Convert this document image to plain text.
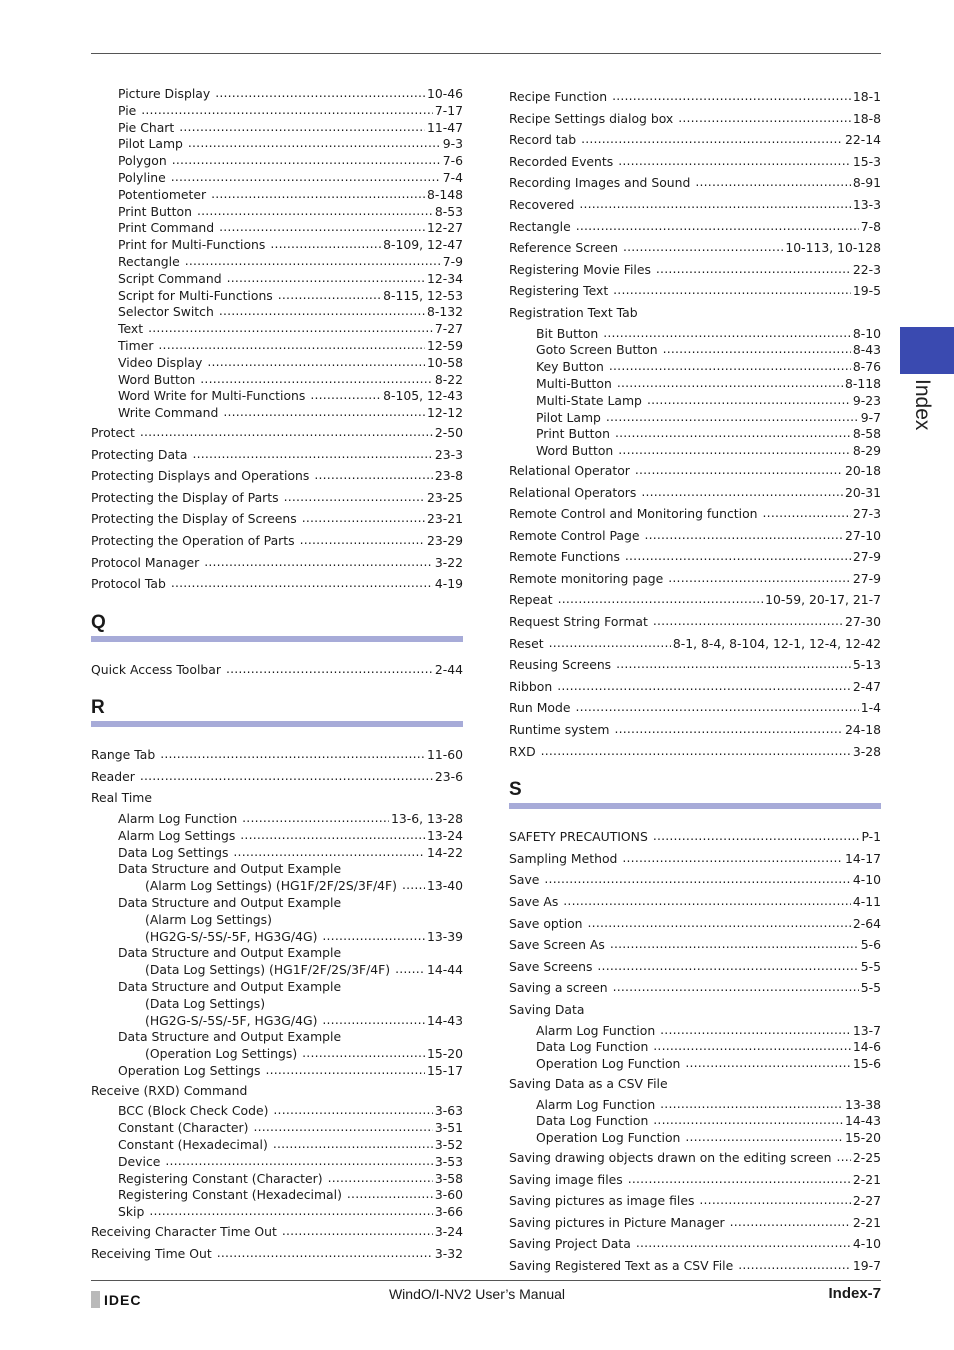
Picture Display .....	10-46
Pie .....	7-17
Pie Chart .....	11-47
Pilot Lamp .....	9-3
Polygon .....	7-6
Polyline .....	7-4
Potentiometer .....	8-148
Print Button .....	8-53
Print Command .....	12-27
Print for Multi-Functions .....	8-109, 12-47
Rectangle .....	7-9
Script Command .....	12-34
Script for Multi-Functions .....	8-115, 12-53
Selector Switch .....	8-132
Text .....	7-27
Timer .....	12-59
Video Display .....	10-58
Word Button .....	8-22
Word Write for Multi-Functions .....	8-105, 12-43
Write Command .....	12-12
Protect .....	2-50
Protecting Data .....	23-3
Protecting Displays and Operations .....	23-8
Protecting the Display of Parts .....	23-25
Protecting the Display of Screens .....	23-21
Protecting the Operation of Parts .....	23-29
Protocol Manager .....	3-22
Protocol Tab .....	4-19
Q
Quick Access Toolbar .....	2-44
R
Range Tab .....	11-60
Reader .....	23-6
Real Time
Alarm Log Function .....	13-6, 13-28
Alarm Log Settings .....	13-24
Data Log Settings .....	14-22
Data Structure and Output Example
(Alarm Log Settings) (HG1F/2F/2S/3F/4F) ..... 13-40
Data Structure and Output Example
(Alarm Log Settings)
(HG2G-S/-5S/-5F, HG3G/4G) .....	13-39
Data Structure and Output Example
(Data Log Settings) (HG1F/2F/2S/3F/4F) .....	14-44
Data Structure and Output Example
(Data Log Settings)
(HG2G-S/-5S/-5F, HG3G/4G) .....	14-43
Data Structure and Output Example
(Operation Log Settings) .....	15-20
Operation Log Settings .....	15-17
Receive (RXD) Command
BCC (Block Check Code) .....	3-63
Constant (Character) .....	3-51
Constant (Hexadecimal) .....	3-52
Device .....	3-53
Registering Constant (Character) .....	3-58
Registering Constant (Hexadecimal) .....	3-60
Skip .....	3-66
Receiving Character Time Out .....	3-24
Receiving Time Out .....	3-32
Recipe Function .....	18-1
Recipe Settings dialog box .....	18-8
Record tab .....	22-14
Recorded Events .....	15-3
Recording Images and Sound .....	8-91
Recovered .....	13-3
Rectangle .....	7-8
Reference Screen .....	10-113, 10-128
Registering Movie Files .....	22-3
Registering Text .....	19-5
Registration Text Tab
Bit Button .....	8-10
Goto Screen Button .....	8-43
Key Button .....	8-76
Multi-Button .....	8-118
Multi-State Lamp .....	9-23
Pilot Lamp .....	9-7
Print Button .....	8-58
Word Button .....	8-29
Relational Operator .....	20-18
Relational Operators .....	20-31
Remote Control and Monitoring function .....	27-3
Remote Control Page .....	27-10
Remote Functions .....	27-9
Remote monitoring page .....	27-9
Repeat .....	10-59, 20-17, 21-7
Request String Format .....	27-30
Reset .....	8-1, 8-4, 8-104, 12-1, 12-4, 12-42
Reusing Screens .....	5-13
Ribbon .....	2-47
Run Mode .....	1-4
Runtime system .....	24-18
RXD .....	3-28
S
SAFETY PRECAUTIONS .....	P-1
Sampling Method .....	14-17
Save .....	4-10
Save As .....	4-11
Save option .....	2-64
Save Screen As .....	5-6
Save Screens .....	5-5
Saving a screen .....	5-5
Saving Data
Alarm Log Function .....	13-7
Data Log Function .....	14-6
Operation Log Function .....	15-6
Saving Data as a CSV File
Alarm Log Function .....	13-38
Data Log Function .....	14-43
Operation Log Function .....	15-20
Saving drawing objects drawn on the editing screen ..... 2-25
Saving image files .....	2-21
Saving pictures as image files .....	2-27
Saving pictures in Picture Manager .....	2-21
Saving Project Data .....	4-10
Saving Registered Text as a CSV File .....	19-7
Index
IDEC	WindO/I-NV2 User’s Manual	Index-7
